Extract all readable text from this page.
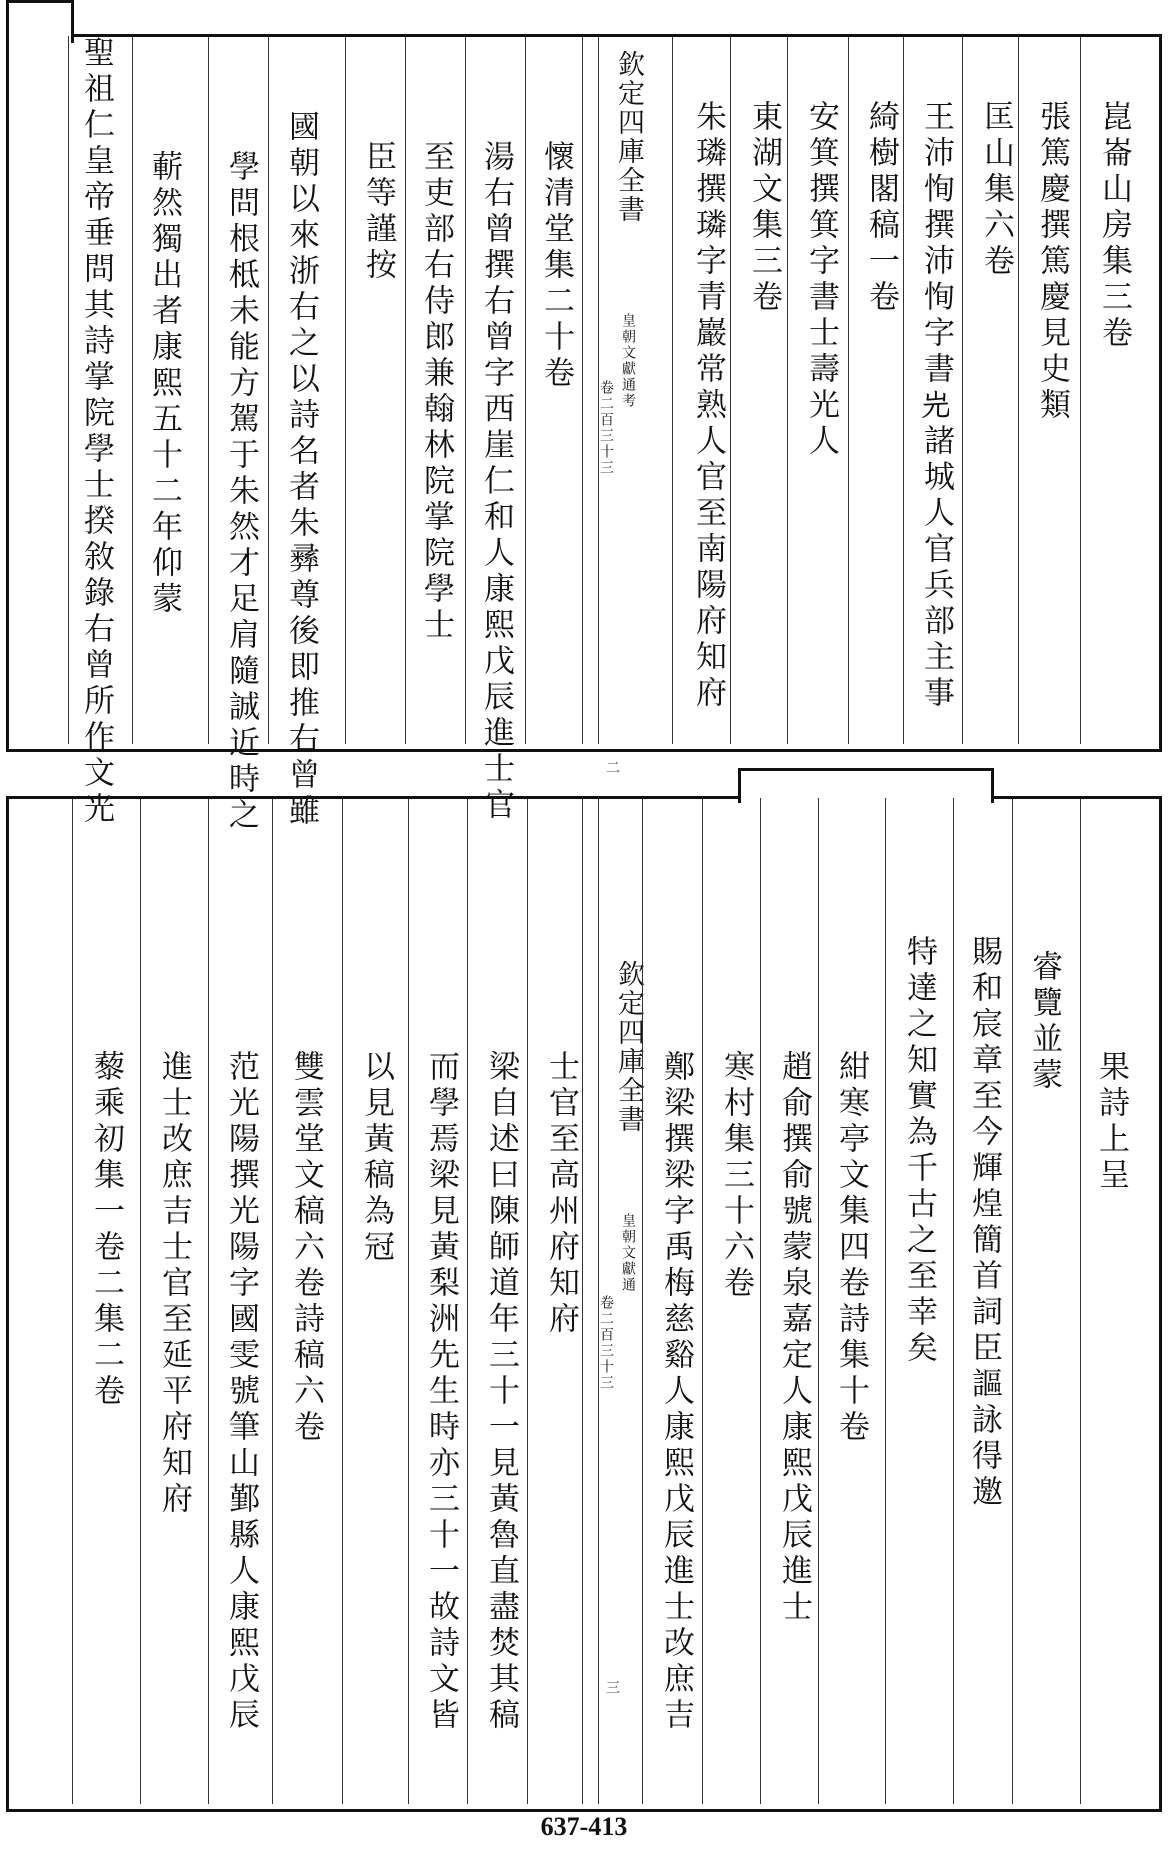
崑崙山房集三卷
張篤慶撰篤慶見史類
匡山集六卷
王沛恂撰沛恂字書𡵉諸城人官兵部主事
綺樹閣稿一卷
安箕撰箕字書士壽光人
東湖文集三卷
朱璘撰璘字青巖常熟人官至南陽府知府
欽定四庫全書 皇朝文獻通考
卷二百三十三
二
懷清堂集二十卷
湯右曾撰右曾字西崖仁和人康熙戊辰進士官
至吏部右侍郎兼翰林院掌院學士
臣等謹按
國朝以來浙右之以詩名者朱彞尊後即推右曾雖
學問根柢未能方駕于朱然才足肩隨誠近時之
蔪然獨出者康熙五十二年仰蒙
聖祖仁皇帝垂問其詩掌院學士揆敘錄右曾所作文光
果詩上呈
睿覽並蒙
賜和宸章至今輝煌簡首詞臣謳詠得邀
特達之知實為千古之至幸矣
紺寒亭文集四卷詩集十卷
趙俞撰俞號蒙泉嘉定人康熙戊辰進士
寒村集三十六卷
鄭梁撰梁字禹梅慈谿人康熙戊辰進士改庶吉
欽定四庫全書 皇朝文獻通
卷二百三十三
三
士官至高州府知府
梁自述曰陳師道年三十一見黃魯直盡焚其稿
而學焉梁見黃梨洲先生時亦三十一故詩文皆
以見黃稿為冠
雙雲堂文稿六卷詩稿六卷
范光陽撰光陽字國雯號筆山鄞縣人康熙戊辰
進士改庶吉士官至延平府知府
藜乘初集一卷二集二卷
637-413
